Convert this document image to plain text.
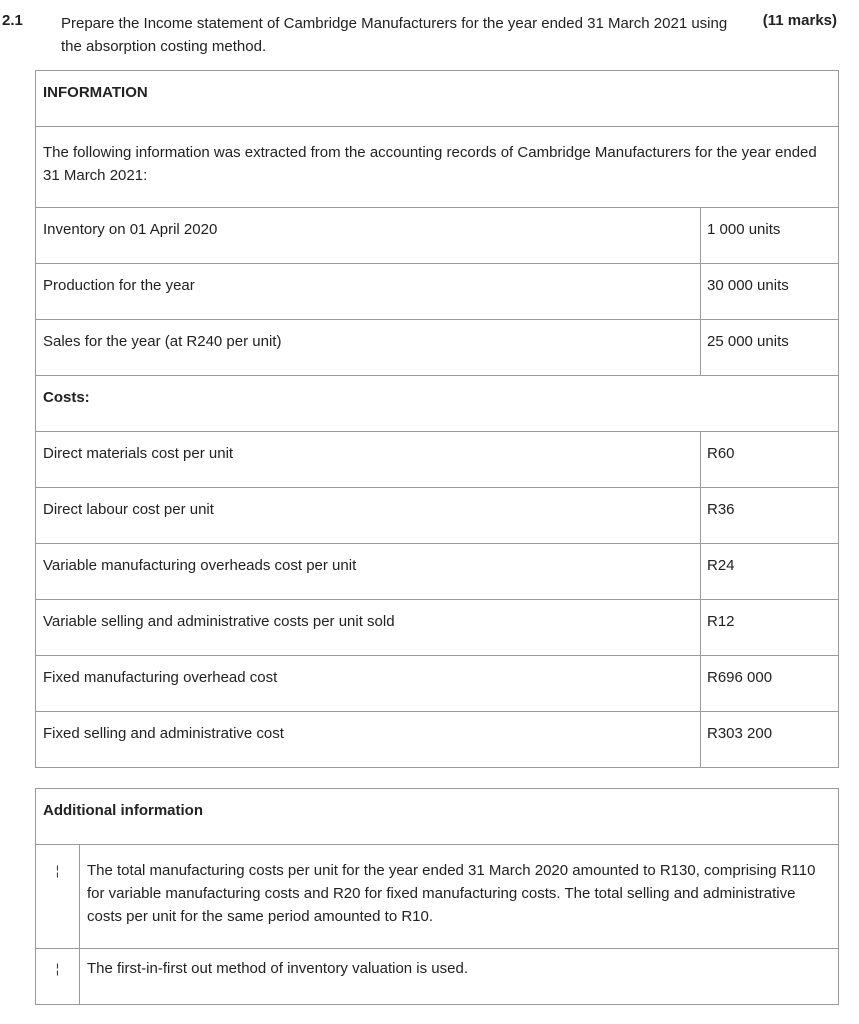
2.1	Prepare the Income statement of Cambridge Manufacturers for the year ended 31 March 2021 using the absorption costing method.
(11 marks)
INFORMATION	
The following information was extracted from the accounting records of Cambridge Manufacturers for the year ended 31 March 2021:	
Inventory on 01 April 2020	1 000 units
Production for the year	30 000 units
Sales for the year (at R240 per unit)	25 000 units
Costs:	
Direct materials cost per unit	R60
Direct labour cost per unit	R36
Variable manufacturing overheads cost per unit	R24
Variable selling and administrative costs per unit sold	R12
Fixed manufacturing overhead cost	R696 000
Fixed selling and administrative cost	R303 200
Additional information	
¦	The total manufacturing costs per unit for the year ended 31 March 2020 amounted to R130, comprising R110 for variable manufacturing costs and R20 for fixed manufacturing costs. The total selling and administrative costs per unit for the same period amounted to R10.
¦	The first-in-first out method of inventory valuation is used.
